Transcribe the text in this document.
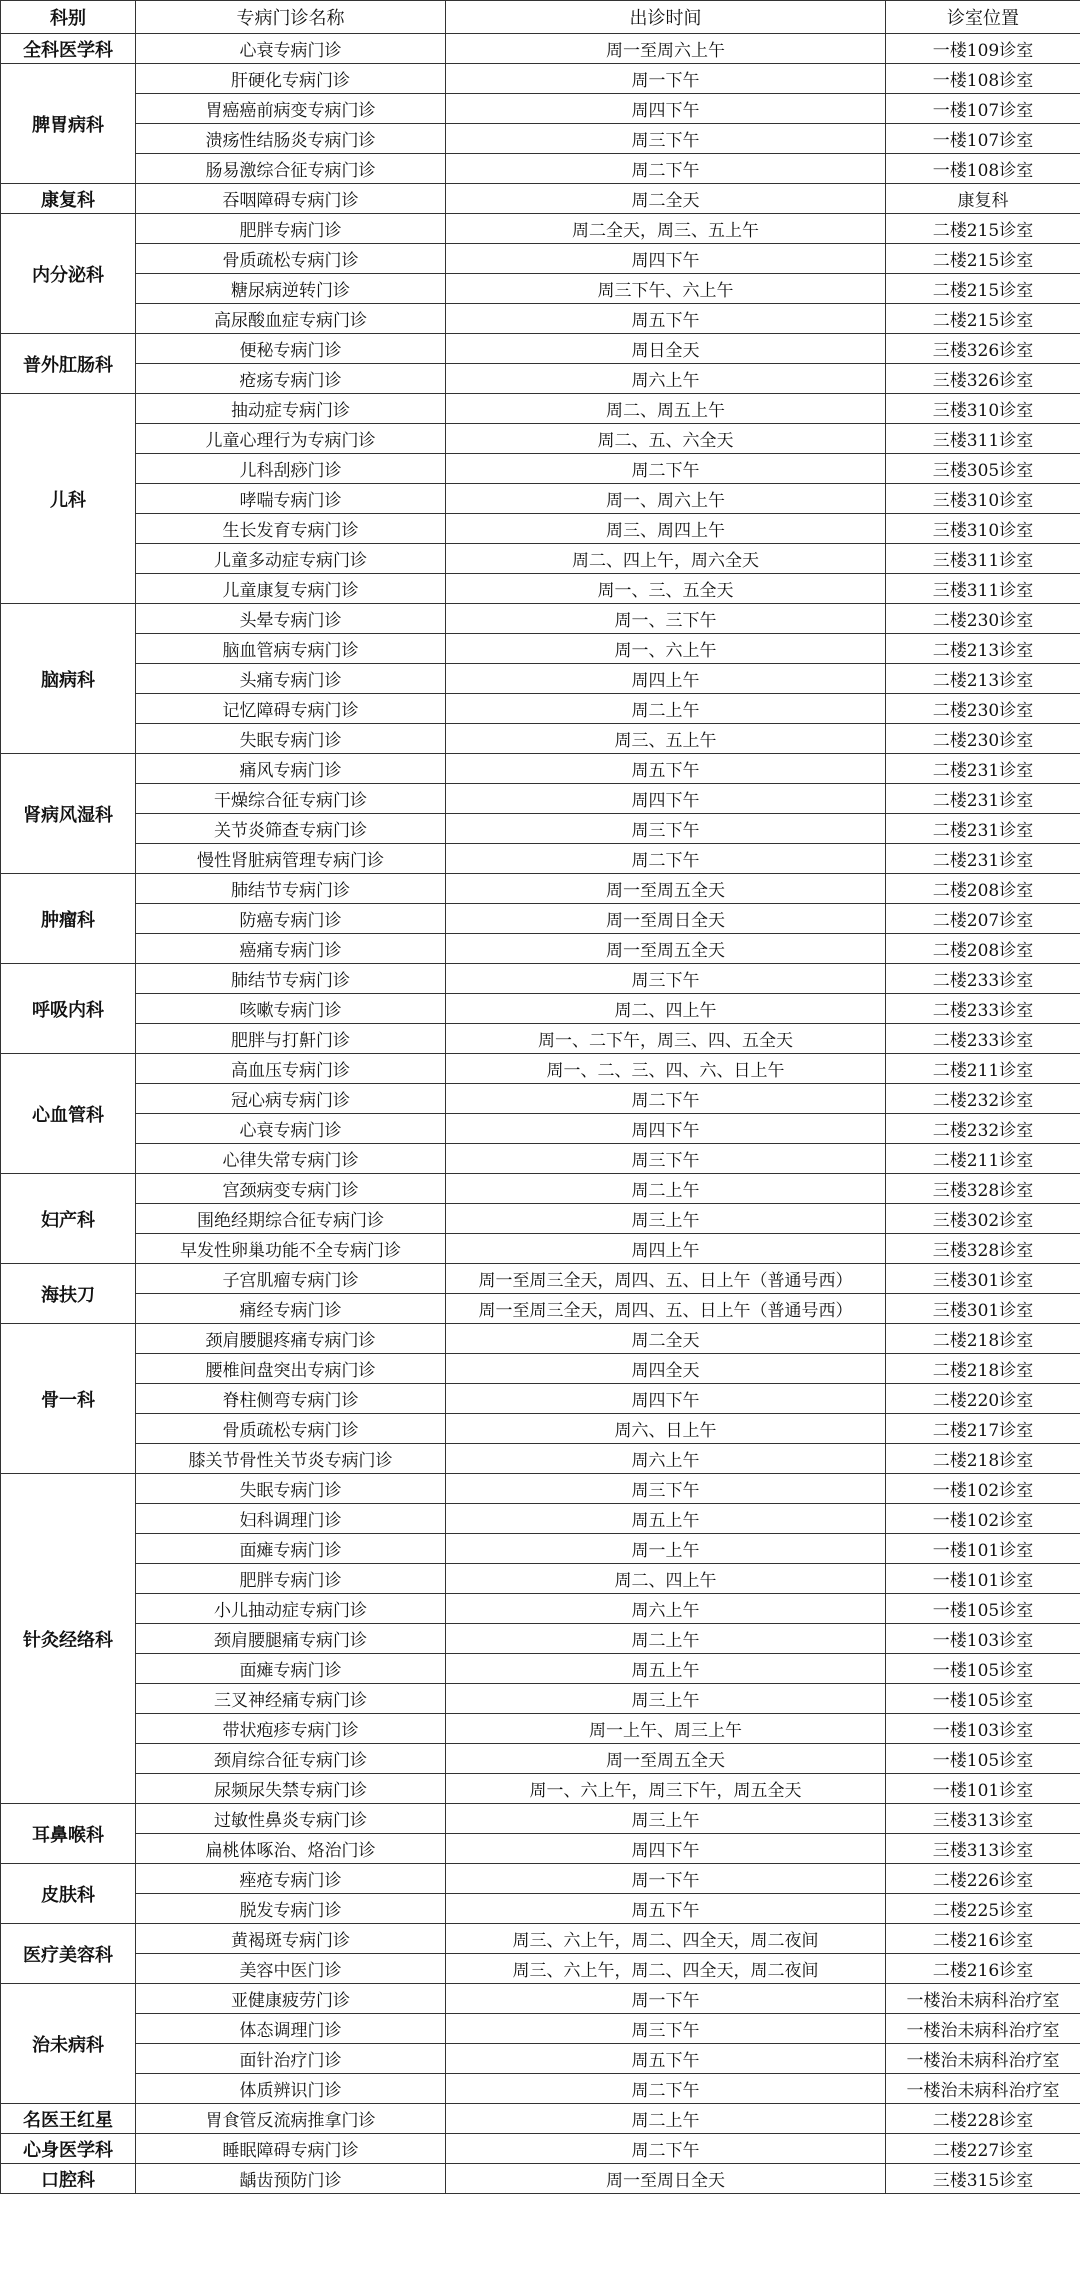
科别	专病门诊名称	出诊时间	诊室位置
全科医学科	心衰专病门诊	周一至周六上午	一楼109诊室
脾胃病科	肝硬化专病门诊	周一下午	一楼108诊室
	胃癌癌前病变专病门诊	周四下午	一楼107诊室
	溃疡性结肠炎专病门诊	周三下午	一楼107诊室
	肠易激综合征专病门诊	周二下午	一楼108诊室
康复科	吞咽障碍专病门诊	周二全天	康复科
内分泌科	肥胖专病门诊	周二全天，周三、五上午	二楼215诊室
	骨质疏松专病门诊	周四下午	二楼215诊室
	糖尿病逆转门诊	周三下午、六上午	二楼215诊室
	高尿酸血症专病门诊	周五下午	二楼215诊室
普外肛肠科	便秘专病门诊	周日全天	三楼326诊室
	疮疡专病门诊	周六上午	三楼326诊室
儿科	抽动症专病门诊	周二、周五上午	三楼310诊室
	儿童心理行为专病门诊	周二、五、六全天	三楼311诊室
	儿科刮痧门诊	周二下午	三楼305诊室
	哮喘专病门诊	周一、周六上午	三楼310诊室
	生长发育专病门诊	周三、周四上午	三楼310诊室
	儿童多动症专病门诊	周二、四上午，周六全天	三楼311诊室
	儿童康复专病门诊	周一、三、五全天	三楼311诊室
脑病科	头晕专病门诊	周一、三下午	二楼230诊室
	脑血管病专病门诊	周一、六上午	二楼213诊室
	头痛专病门诊	周四上午	二楼213诊室
	记忆障碍专病门诊	周二上午	二楼230诊室
	失眠专病门诊	周三、五上午	二楼230诊室
肾病风湿科	痛风专病门诊	周五下午	二楼231诊室
	干燥综合征专病门诊	周四下午	二楼231诊室
	关节炎筛查专病门诊	周三下午	二楼231诊室
	慢性肾脏病管理专病门诊	周二下午	二楼231诊室
肿瘤科	肺结节专病门诊	周一至周五全天	二楼208诊室
	防癌专病门诊	周一至周日全天	二楼207诊室
	癌痛专病门诊	周一至周五全天	二楼208诊室
呼吸内科	肺结节专病门诊	周三下午	二楼233诊室
	咳嗽专病门诊	周二、四上午	二楼233诊室
	肥胖与打鼾门诊	周一、二下午，周三、四、五全天	二楼233诊室
心血管科	高血压专病门诊	周一、二、三、四、六、日上午	二楼211诊室
	冠心病专病门诊	周二下午	二楼232诊室
	心衰专病门诊	周四下午	二楼232诊室
	心律失常专病门诊	周三下午	二楼211诊室
妇产科	宫颈病变专病门诊	周二上午	三楼328诊室
	围绝经期综合征专病门诊	周三上午	三楼302诊室
	早发性卵巢功能不全专病门诊	周四上午	三楼328诊室
海扶刀	子宫肌瘤专病门诊	周一至周三全天，周四、五、日上午（普通号西）	三楼301诊室
	痛经专病门诊	周一至周三全天，周四、五、日上午（普通号西）	三楼301诊室
骨一科	颈肩腰腿疼痛专病门诊	周二全天	二楼218诊室
	腰椎间盘突出专病门诊	周四全天	二楼218诊室
	脊柱侧弯专病门诊	周四下午	二楼220诊室
	骨质疏松专病门诊	周六、日上午	二楼217诊室
	膝关节骨性关节炎专病门诊	周六上午	二楼218诊室
针灸经络科	失眠专病门诊	周三下午	一楼102诊室
	妇科调理门诊	周五上午	一楼102诊室
	面瘫专病门诊	周一上午	一楼101诊室
	肥胖专病门诊	周二、四上午	一楼101诊室
	小儿抽动症专病门诊	周六上午	一楼105诊室
	颈肩腰腿痛专病门诊	周二上午	一楼103诊室
	面瘫专病门诊	周五上午	一楼105诊室
	三叉神经痛专病门诊	周三上午	一楼105诊室
	带状疱疹专病门诊	周一上午、周三上午	一楼103诊室
	颈肩综合征专病门诊	周一至周五全天	一楼105诊室
	尿频尿失禁专病门诊	周一、六上午，周三下午，周五全天	一楼101诊室
耳鼻喉科	过敏性鼻炎专病门诊	周三上午	三楼313诊室
	扁桃体啄治、烙治门诊	周四下午	三楼313诊室
皮肤科	痤疮专病门诊	周一下午	二楼226诊室
	脱发专病门诊	周五下午	二楼225诊室
医疗美容科	黄褐斑专病门诊	周三、六上午，周二、四全天，周二夜间	二楼216诊室
	美容中医门诊	周三、六上午，周二、四全天，周二夜间	二楼216诊室
治未病科	亚健康疲劳门诊	周一下午	一楼治未病科治疗室
	体态调理门诊	周三下午	一楼治未病科治疗室
	面针治疗门诊	周五下午	一楼治未病科治疗室
	体质辨识门诊	周二下午	一楼治未病科治疗室
名医王红星	胃食管反流病推拿门诊	周二上午	二楼228诊室
心身医学科	睡眠障碍专病门诊	周二下午	二楼227诊室
口腔科	龋齿预防门诊	周一至周日全天	三楼315诊室
